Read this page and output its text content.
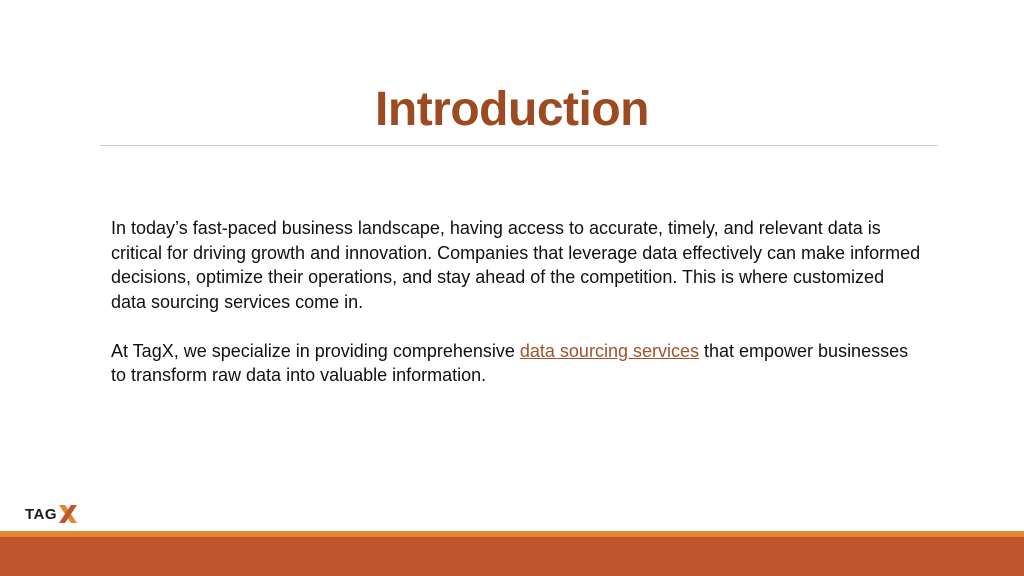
Introduction

In today’s fast-paced business landscape, having access to accurate, timely, and relevant data is critical for driving growth and innovation. Companies that leverage data effectively can make informed decisions, optimize their operations, and stay ahead of the competition. This is where customized data sourcing services come in.

At TagX, we specialize in providing comprehensive data sourcing services that empower businesses to transform raw data into valuable information.

TAG
